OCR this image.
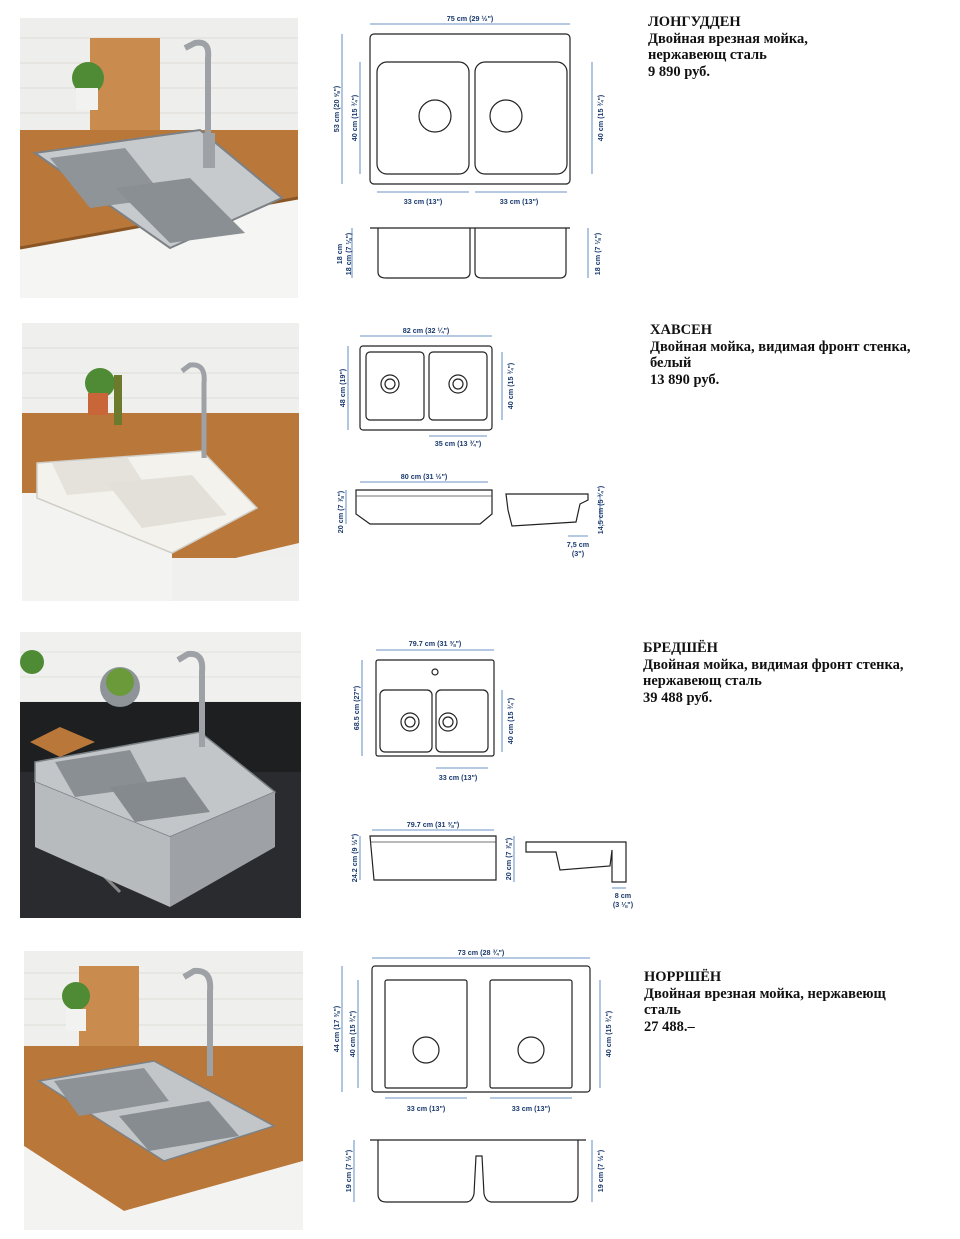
75 cm (29 ½")
53 cm (20 ⅝") 40 cm (15 ¾")	40 cm (15 ¾")
33 cm (13")	33 cm (13")
18 cm 18 cm (7 ⅛")	18 cm (7 ⅛")
ЛОНГУДДЕН
Двойная врезная мойка,
нержавеющ сталь
9 890 руб.
82 cm (32 ¼")
48 cm (19")	40 cm (15 ¾")
35 cm (13 ¾")
80 cm (31 ½")
20 cm (7 ⅞")	14,5 cm (5 ¾")
7,5 cm
(3")
ХАВСЕН
Двойная мойка, видимая фронт стенка,
белый
13 890 руб.
79.7 cm (31 ⅜")
68.5 cm (27")	40 cm (15 ¾")
33 cm (13")
79.7 cm (31 ⅜")
24.2 cm (9 ½")	20 cm (7 ⅞")
8 cm
(3 ⅛")
БРЕДШЁН
Двойная мойка, видимая фронт стенка,
нержавеющ сталь
39 488 руб.
73 cm (28 ¾")
44 cm (17 ⅜") 40 cm (15 ¾")	40 cm (15 ¾")
33 cm (13")	33 cm (13")
19 cm (7 ½")	19 cm (7 ½")
НОРРШЁН
Двойная врезная мойка, нержавеющ
сталь
27 488.–
